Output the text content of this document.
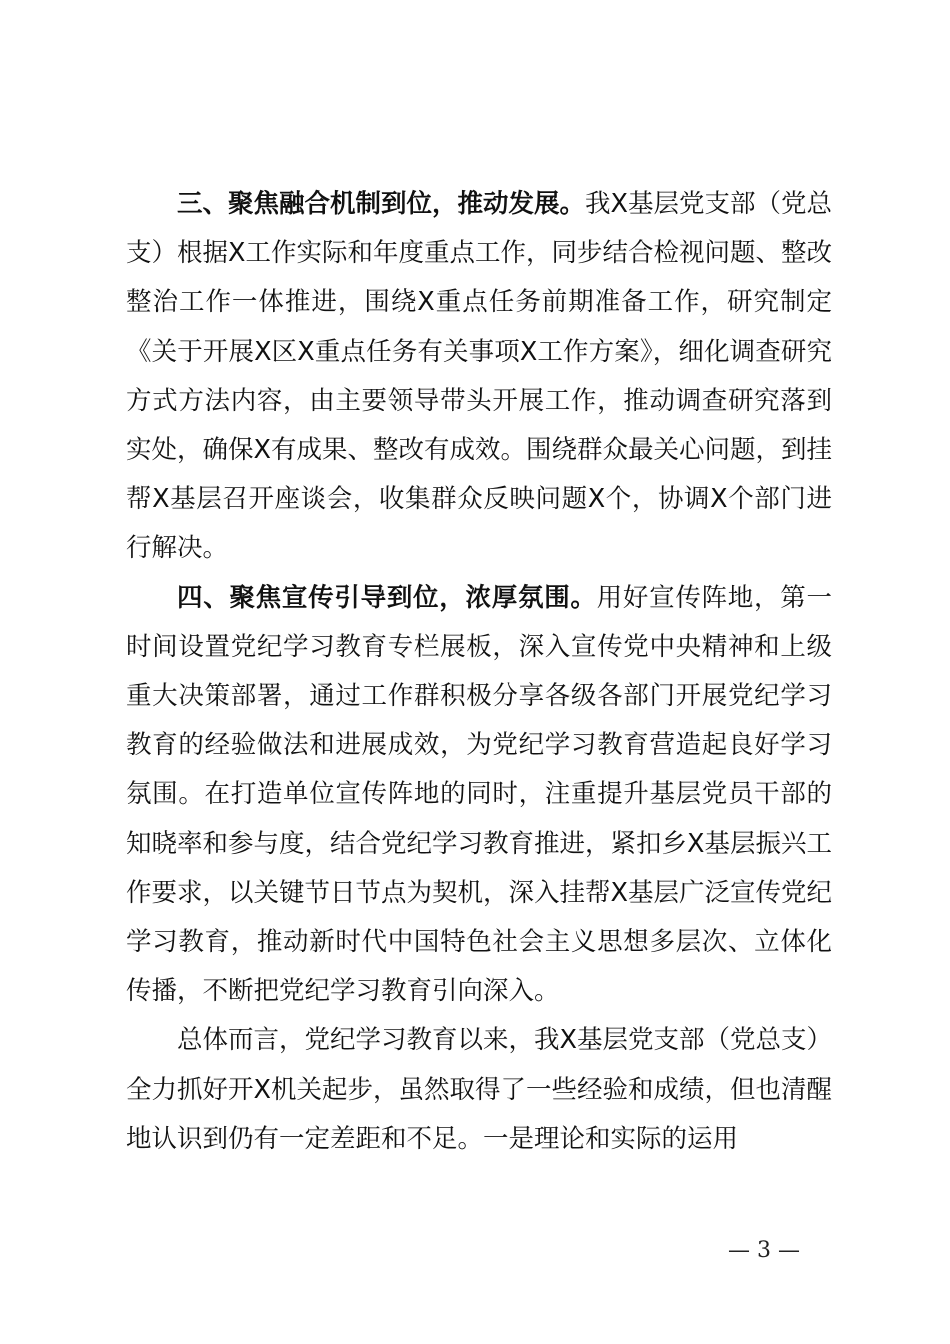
三、聚焦融合机制到位，推动发展。我X基层党支部（党总支）根据X工作实际和年度重点工作，同步结合检视问题、整改整治工作一体推进，围绕X重点任务前期准备工作，研究制定《关于开展X区X重点任务有关事项X工作方案》，细化调查研究方式方法内容，由主要领导带头开展工作，推动调查研究落到实处，确保X有成果、整改有成效。围绕群众最关心问题，到挂帮X基层召开座谈会，收集群众反映问题X个，协调X个部门进行解决。

四、聚焦宣传引导到位，浓厚氛围。用好宣传阵地，第一时间设置党纪学习教育专栏展板，深入宣传党中央精神和上级重大决策部署，通过工作群积极分享各级各部门开展党纪学习教育的经验做法和进展成效，为党纪学习教育营造起良好学习氛围。在打造单位宣传阵地的同时，注重提升基层党员干部的知晓率和参与度，结合党纪学习教育推进，紧扣乡X基层振兴工作要求，以关键节日节点为契机，深入挂帮X基层广泛宣传党纪学习教育，推动新时代中国特色社会主义思想多层次、立体化传播，不断把党纪学习教育引向深入。

总体而言，党纪学习教育以来，我X基层党支部（党总支）全力抓好开X机关起步，虽然取得了一些经验和成绩，但也清醒地认识到仍有一定差距和不足。一是理论和实际的运用

— 3 —
